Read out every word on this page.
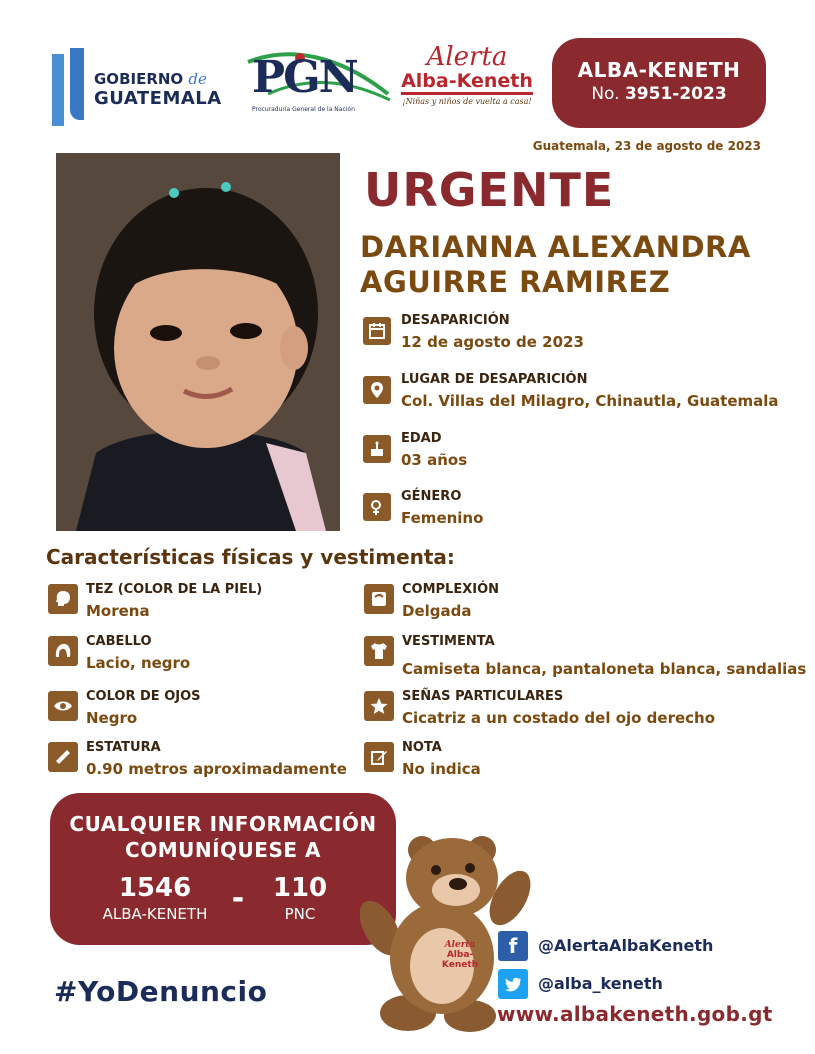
GOBIERNO de
GUATEMALA PGN
Procuraduría General de la Nación
Alerta
Alba-Keneth
¡Niñas y niños de vuelta a casa!
ALBA-KENETH
No. 3951-2023
Guatemala, 23 de agosto de 2023
URGENTE
DARIANNA ALEXANDRA
AGUIRRE RAMIREZ
DESAPARICIÓN
12 de agosto de 2023
LUGAR DE DESAPARICIÓN
Col. Villas del Milagro, Chinautla, Guatemala
EDAD
03 años
GÉNERO
Femenino
Características físicas y vestimenta:
TEZ (COLOR DE LA PIEL)
Morena
CABELLO
Lacio, negro
COLOR DE OJOS
Negro
ESTATURA
0.90 metros aproximadamente
COMPLEXIÓN
Delgada
VESTIMENTA
Camiseta blanca, pantaloneta blanca, sandalias
SEÑAS PARTICULARES
Cicatriz a un costado del ojo derecho
NOTA
No indica
CUALQUIER INFORMACIÓN
COMUNÍQUESE A
1546
ALBA-KENETH -	110
PNC
#YoDenuncio
Alerta
Alba-Keneth
f	@AlertaAlbaKeneth
@alba_keneth
www.albakeneth.gob.gt
